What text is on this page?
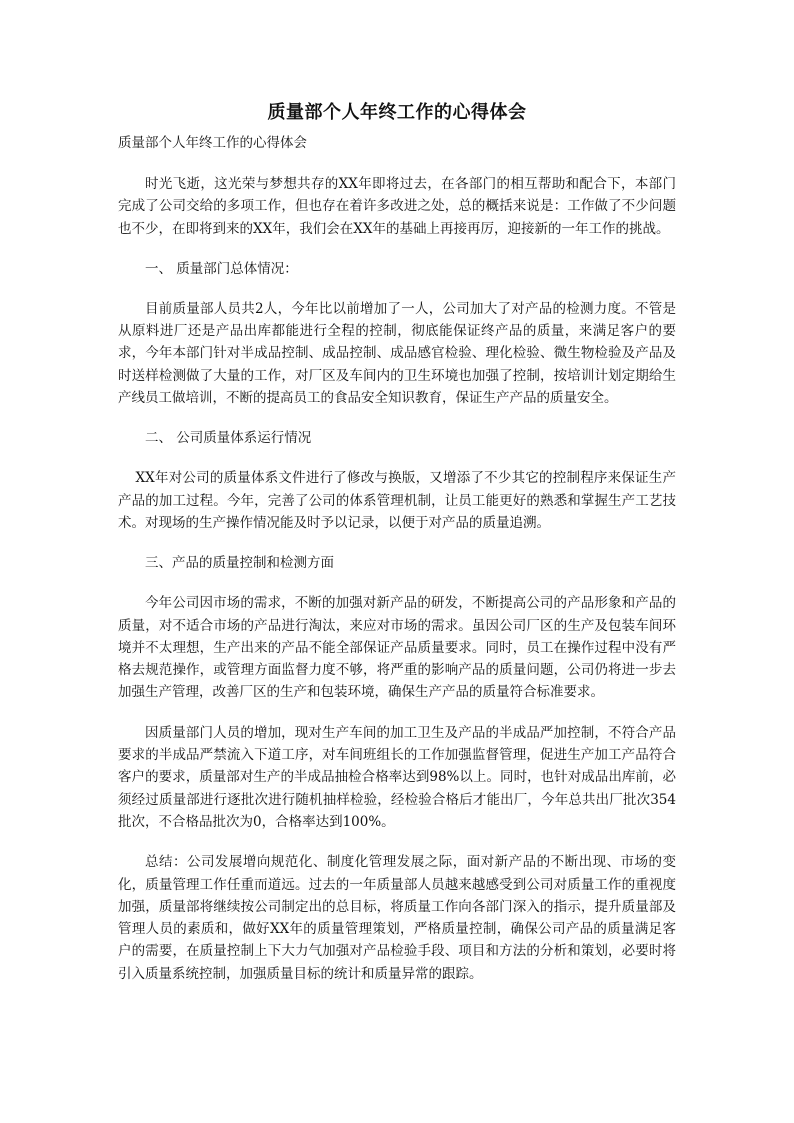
质量部个人年终工作的心得体会
质量部个人年终工作的心得体会

时光飞逝，这光荣与梦想共存的XX年即将过去，在各部门的相互帮助和配合下，本部门完成了公司交给的多项工作，但也存在着许多改进之处，总的概括来说是：工作做了不少问题也不少，在即将到来的XX年，我们会在XX年的基础上再接再厉，迎接新的一年工作的挑战。

一、 质量部门总体情况：

目前质量部人员共2人，今年比以前增加了一人，公司加大了对产品的检测力度。不管是从原料进厂还是产品出库都能进行全程的控制，彻底能保证终产品的质量，来满足客户的要求，今年本部门针对半成品控制、成品控制、成品感官检验、理化检验、微生物检验及产品及时送样检测做了大量的工作，对厂区及车间内的卫生环境也加强了控制，按培训计划定期给生产线员工做培训，不断的提高员工的食品安全知识教育，保证生产产品的质量安全。

二、 公司质量体系运行情况

XX年对公司的质量体系文件进行了修改与换版，又增添了不少其它的控制程序来保证生产产品的加工过程。今年，完善了公司的体系管理机制，让员工能更好的熟悉和掌握生产工艺技术。对现场的生产操作情况能及时予以记录，以便于对产品的质量追溯。

三、产品的质量控制和检测方面

今年公司因市场的需求，不断的加强对新产品的研发，不断提高公司的产品形象和产品的质量，对不适合市场的产品进行淘汰，来应对市场的需求。虽因公司厂区的生产及包装车间环境并不太理想，生产出来的产品不能全部保证产品质量要求。同时，员工在操作过程中没有严格去规范操作，或管理方面监督力度不够，将严重的影响产品的质量问题，公司仍将进一步去加强生产管理，改善厂区的生产和包装环境，确保生产产品的质量符合标准要求。

因质量部门人员的增加，现对生产车间的加工卫生及产品的半成品严加控制，不符合产品要求的半成品严禁流入下道工序，对车间班组长的工作加强监督管理，促进生产加工产品符合客户的要求，质量部对生产的半成品抽检合格率达到98%以上。同时，也针对成品出库前，必须经过质量部进行逐批次进行随机抽样检验，经检验合格后才能出厂，今年总共出厂批次354批次，不合格品批次为0，合格率达到100%。

总结：公司发展增向规范化、制度化管理发展之际，面对新产品的不断出现、市场的变化，质量管理工作任重而道远。过去的一年质量部人员越来越感受到公司对质量工作的重视度加强，质量部将继续按公司制定出的总目标，将质量工作向各部门深入的指示，提升质量部及管理人员的素质和，做好XX年的质量管理策划，严格质量控制，确保公司产品的质量满足客户的需要，在质量控制上下大力气加强对产品检验手段、项目和方法的分析和策划，必要时将引入质量系统控制，加强质量目标的统计和质量异常的跟踪。
